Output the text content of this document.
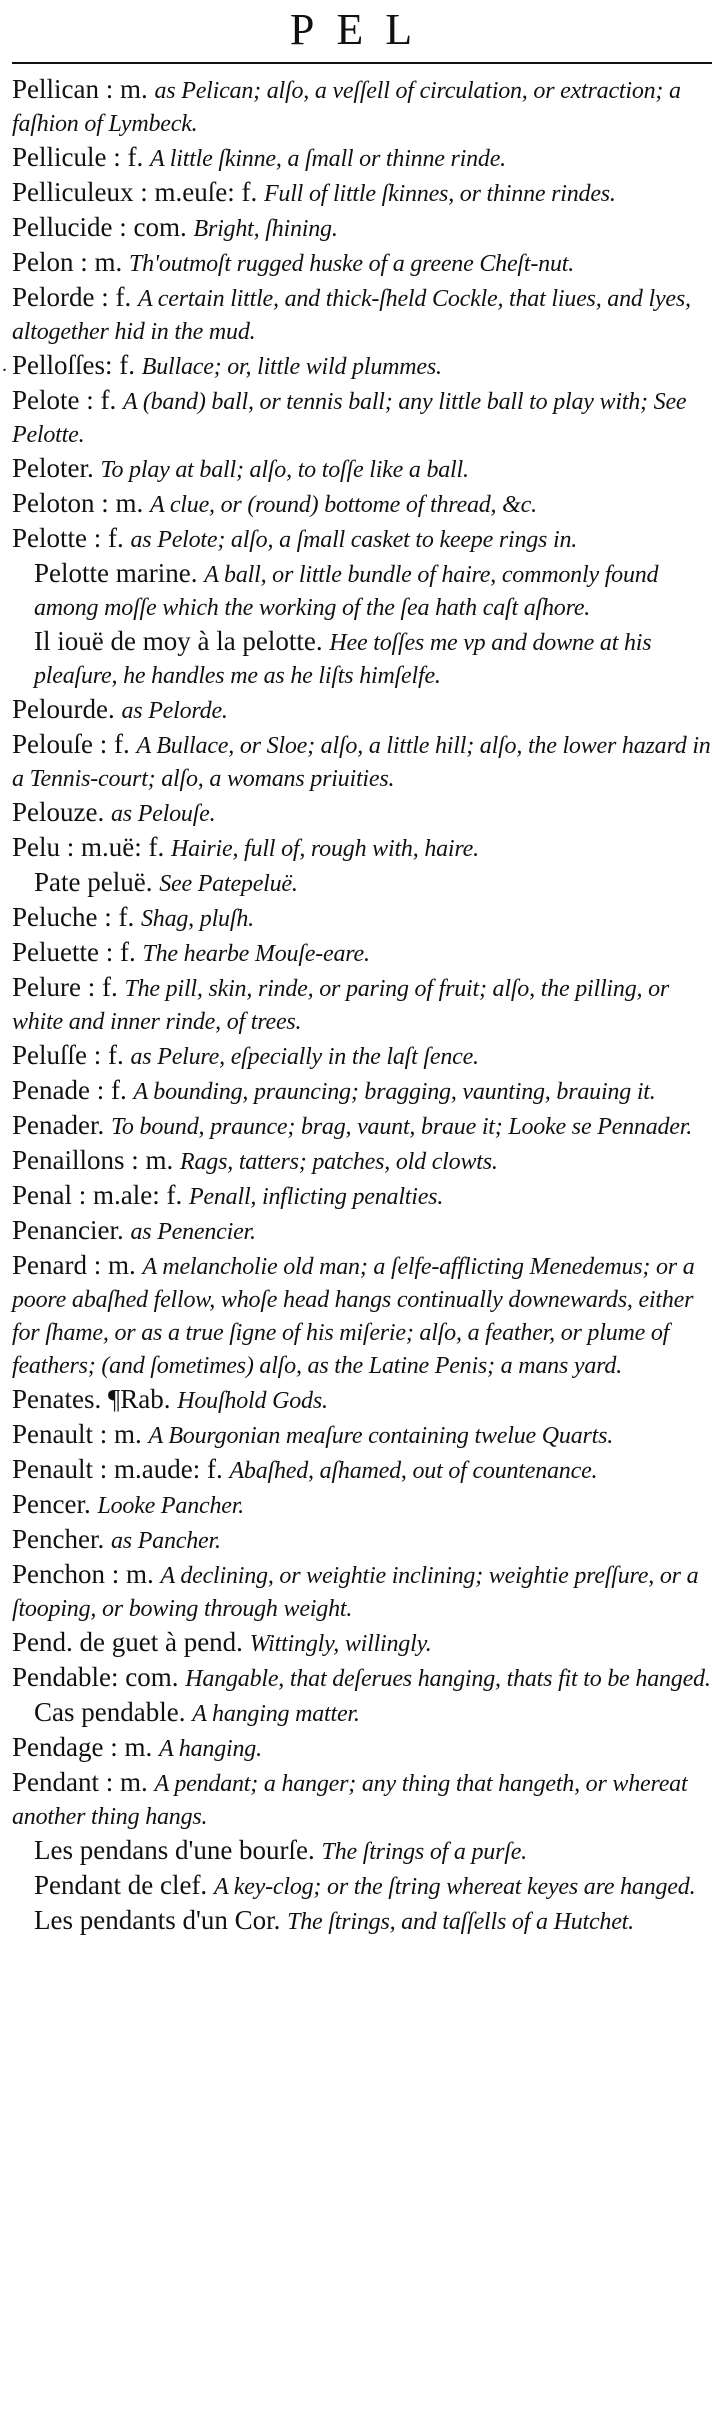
PEL
Pellican : m. as Pelican; alſo, a veſſell of circulation, or extraction; a faſhion of Lymbeck.
Pellicule : f. A little ſkinne, a ſmall or thinne rinde.
Pelliculeux : m.euſe: f. Full of little ſkinnes, or thinne rindes.
Pellucide : com. Bright, ſhining.
Pelon : m. Th'outmoſt rugged huske of a greene Cheſt-nut.
Pelorde : f. A certain little, and thick-ſheld Cockle, that liues, and lyes, altogether hid in the mud.
. Pelloſſes: f. Bullace; or, little wild plummes.
Pelote : f. A (band) ball, or tennis ball; any little ball to play with; See Pelotte.
Peloter. To play at ball; alſo, to toſſe like a ball.
Peloton : m. A clue, or (round) bottome of thread, &c.
Pelotte : f. as Pelote; alſo, a ſmall casket to keepe rings in.
Pelotte marine. A ball, or little bundle of haire, commonly found among moſſe which the working of the ſea hath caſt aſhore.
Il iouë de moy à la pelotte. Hee toſſes me vp and downe at his pleaſure, he handles me as he liſts himſelfe.
Pelourde. as Pelorde.
Pelouſe : f. A Bullace, or Sloe; alſo, a little hill; alſo, the lower hazard in a Tennis-court; alſo, a womans priuities.
Pelouze. as Pelouſe.
Pelu : m.uë: f. Hairie, full of, rough with, haire.
Pate peluë. See Patepeluë.
Peluche : f. Shag, pluſh.
Peluette : f. The hearbe Mouſe-eare.
Pelure : f. The pill, skin, rinde, or paring of fruit; alſo, the pilling, or white and inner rinde, of trees.
Peluſſe : f. as Pelure, eſpecially in the laſt ſence.
Penade : f. A bounding, prauncing; bragging, vaunting, brauing it.
Penader. To bound, praunce; brag, vaunt, braue it; Looke se Pennader.
Penaillons : m. Rags, tatters; patches, old clowts.
Penal : m.ale: f. Penall, inflicting penalties.
Penancier. as Penencier.
Penard : m. A melancholie old man; a ſelfe-afflicting Menedemus; or a poore abaſhed fellow, whoſe head hangs continually downewards, either for ſhame, or as a true ſigne of his miſerie; alſo, a feather, or plume of feathers; (and ſometimes) alſo, as the Latine Penis; a mans yard.
Penates. ¶Rab. Houſhold Gods.
Penault : m. A Bourgonian meaſure containing twelue Quarts.
Penault : m.aude: f. Abaſhed, aſhamed, out of countenance.
Pencer. Looke Pancher.
Pencher. as Pancher.
Penchon : m. A declining, or weightie inclining; weightie preſſure, or a ſtooping, or bowing through weight.
Pend. de guet à pend. Wittingly, willingly.
Pendable: com. Hangable, that deſerues hanging, thats fit to be hanged.
Cas pendable. A hanging matter.
Pendage : m. A hanging.
Pendant : m. A pendant; a hanger; any thing that hangeth, or whereat another thing hangs.
Les pendans d'une bourſe. The ſtrings of a purſe.
Pendant de clef. A key-clog; or the ſtring whereat keyes are hanged.
Les pendants d'un Cor. The ſtrings, and taſſells of a Hutchet.
